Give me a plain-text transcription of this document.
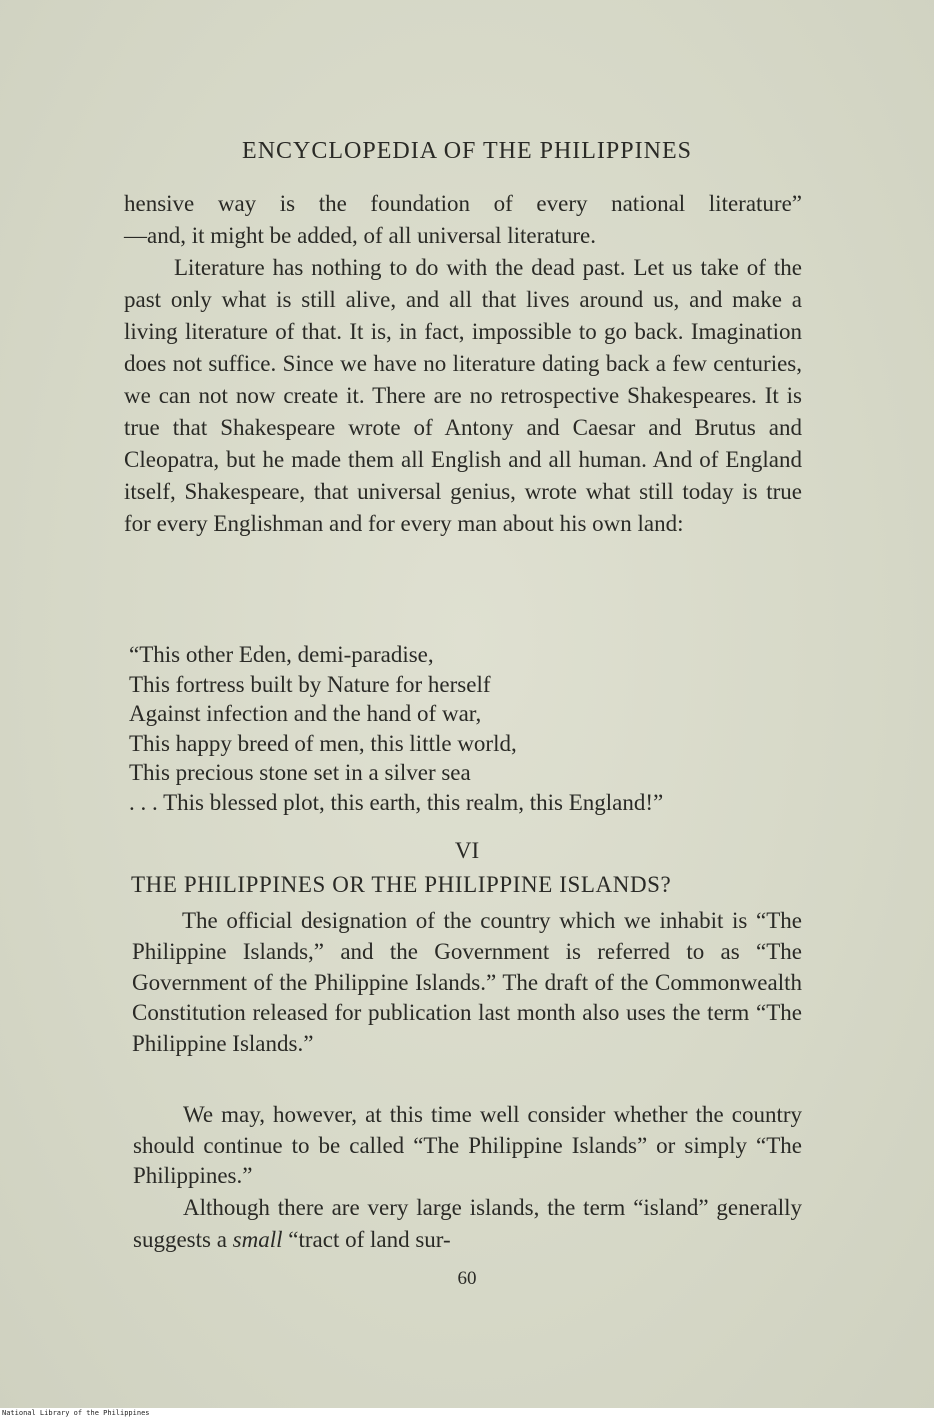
ENCYCLOPEDIA OF THE PHILIPPINES
hensive way is the foundation of every national literature”
—and, it might be added, of all universal literature.
Literature has nothing to do with the dead past. Let us take of the past only what is still alive, and all that lives around us, and make a living literature of that. It is, in fact, impossible to go back. Imagination does not suffice. Since we have no literature dating back a few centuries, we can not now create it. There are no retrospective Shakespeares. It is true that Shakespeare wrote of Antony and Caesar and Brutus and Cleopatra, but he made them all English and all human. And of England itself, Shakespeare, that universal genius, wrote what still today is true for every Englishman and for every man about his own land:
“This other Eden, demi-paradise,
This fortress built by Nature for herself
Against infection and the hand of war,
This happy breed of men, this little world,
This precious stone set in a silver sea
. . . This blessed plot, this earth, this realm, this England!”
VI
THE PHILIPPINES OR THE PHILIPPINE ISLANDS?
The official designation of the country which we inhabit is “The Philippine Islands,” and the Government is referred to as “The Government of the Philippine Islands.” The draft of the Commonwealth Constitution released for publication last month also uses the term “The Philippine Islands.”
We may, however, at this time well consider whether the country should continue to be called “The Philippine Islands” or simply “The Philippines.”
Although there are very large islands, the term “island” generally suggests a small “tract of land sur-
60
National Library of the Philippines
